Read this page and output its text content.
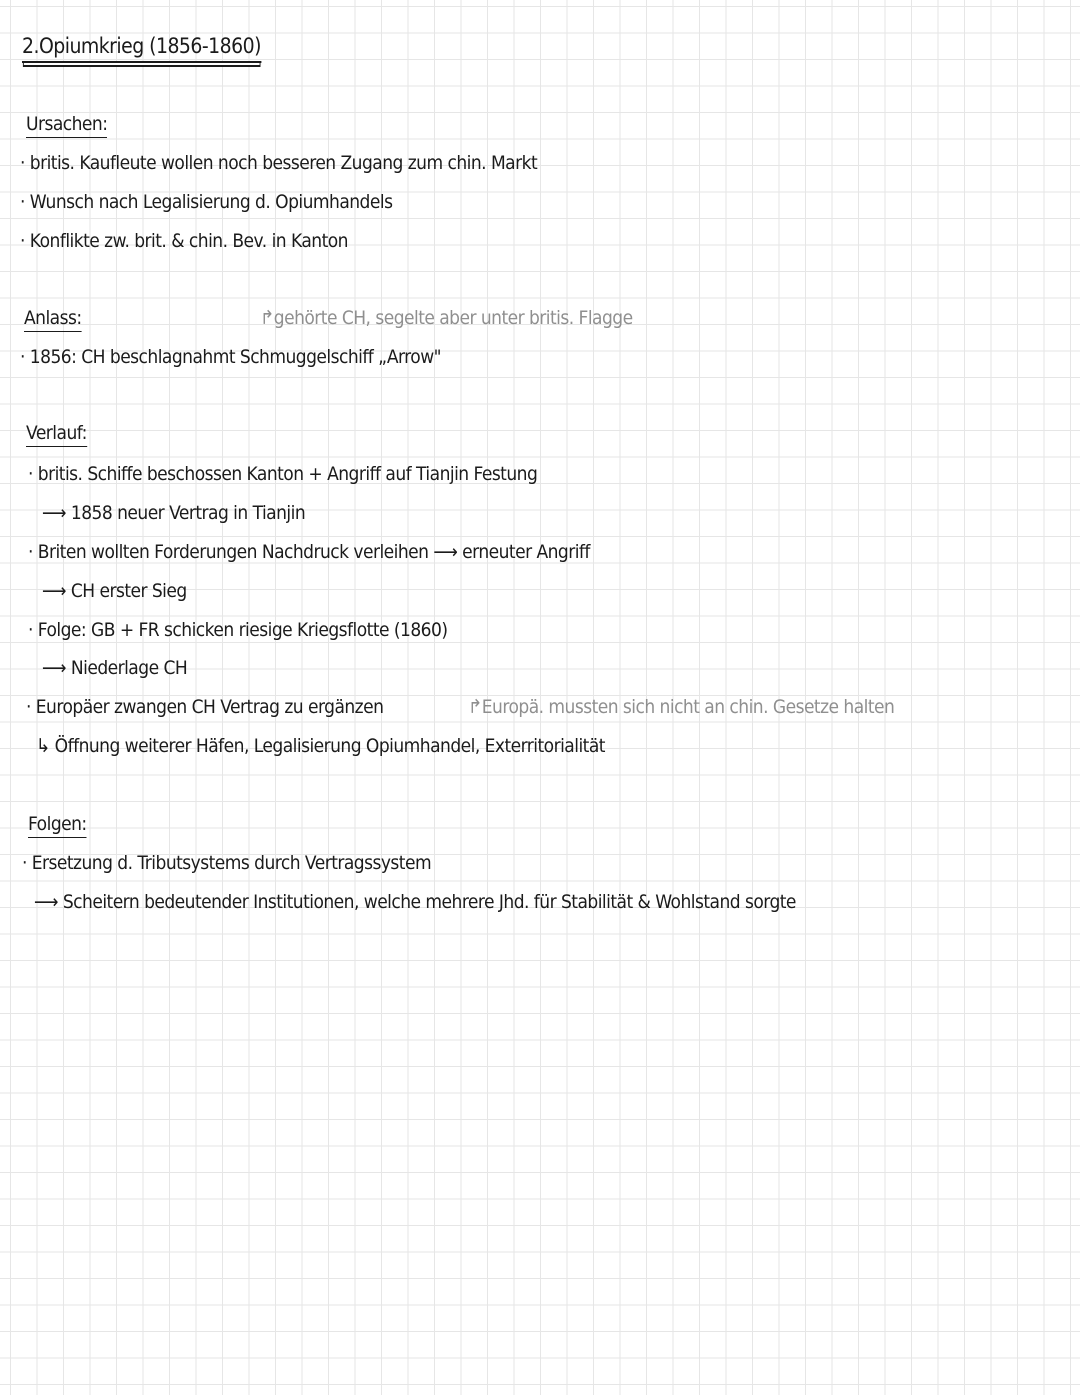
2.Opiumkrieg (1856-1860)
Ursachen:
· britis. Kaufleute wollen noch besseren Zugang zum chin. Markt
· Wunsch nach Legalisierung d. Opiumhandels
· Konflikte zw. brit. & chin. Bev. in Kanton
Anlass:	↱gehörte CH, segelte aber unter britis. Flagge
· 1856: CH beschlagnahmt Schmuggelschiff „Arrow"
Verlauf:
· britis. Schiffe beschossen Kanton + Angriff auf Tianjin Festung
⟶ 1858 neuer Vertrag in Tianjin
· Briten wollten Forderungen Nachdruck verleihen ⟶ erneuter Angriff
⟶ CH erster Sieg
· Folge: GB + FR schicken riesige Kriegsflotte (1860)
⟶ Niederlage CH
· Europäer zwangen CH Vertrag zu ergänzen	↱Europä. mussten sich nicht an chin. Gesetze halten
↳ Öffnung weiterer Häfen, Legalisierung Opiumhandel, Exterritorialität
Folgen:
· Ersetzung d. Tributsystems durch Vertragssystem
⟶ Scheitern bedeutender Institutionen, welche mehrere Jhd. für Stabilität & Wohlstand sorgte
